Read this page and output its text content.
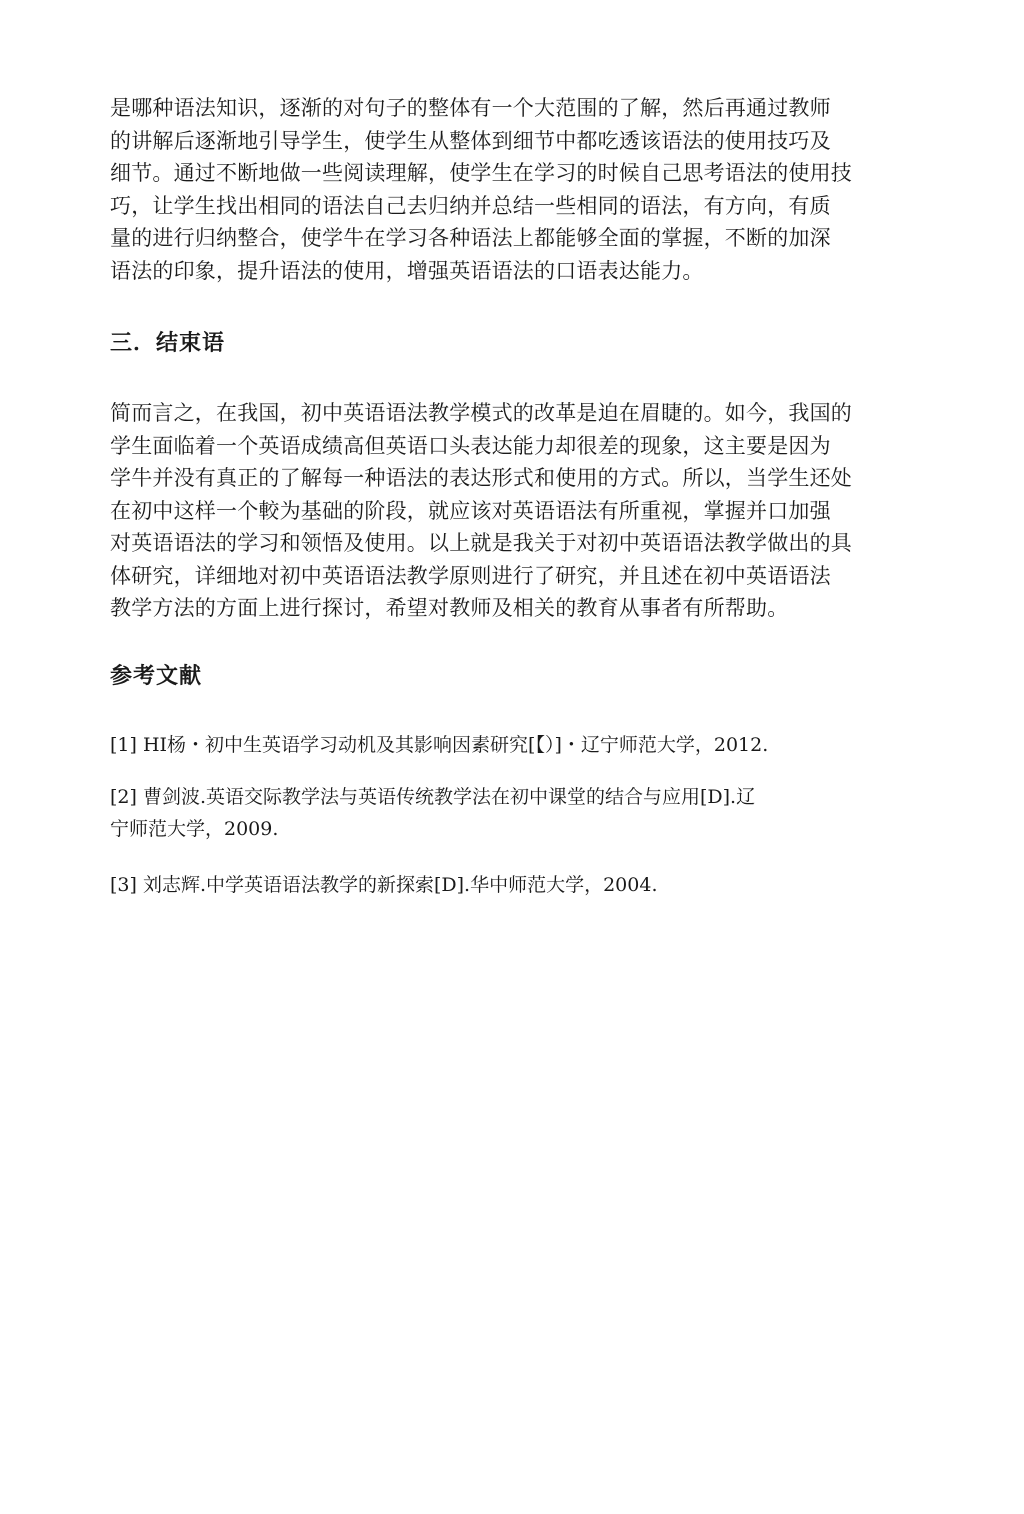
是哪种语法知识，逐渐的对句子的整体有一个大范围的了解，然后再通过教师
的讲解后逐渐地引导学生，使学生从整体到细节中都吃透该语法的使用技巧及
细节。通过不断地做一些阅读理解，使学生在学习的时候自己思考语法的使用技
巧，让学生找出相同的语法自己去归纳并总结一些相同的语法，有方向，有质
量的进行归纳整合，使学牛在学习各种语法上都能够全面的掌握，不断的加深
语法的印象，提升语法的使用，增强英语语法的口语表达能力。

三．结束语

简而言之，在我国，初中英语语法教学模式的改革是迫在眉睫的。如今，我国的
学生面临着一个英语成绩高但英语口头表达能力却很差的现象，这主要是因为
学牛并没有真正的了解每一种语法的表达形式和使用的方式。所以，当学生还处
在初中这样一个較为基础的阶段，就应该对英语语法有所重视，掌握并口加强
对英语语法的学习和领悟及使用。以上就是我关于对初中英语语法教学做出的具
体研究，详细地对初中英语语法教学原则进行了研究，并且述在初中英语语法
教学方法的方面上进行探讨，希望对教师及相关的教育从事者有所帮助。

参考文献

[1] HI杨・初中生英语学习动机及其影响因素研究[【）]・辽宁师范大学，2012.

[2] 曹剑波.英语交际教学法与英语传统教学法在初中课堂的结合与应用[D].辽
宁师范大学，2009.

[3] 刘志辉.中学英语语法教学的新探索[D].华中师范大学，2004.
